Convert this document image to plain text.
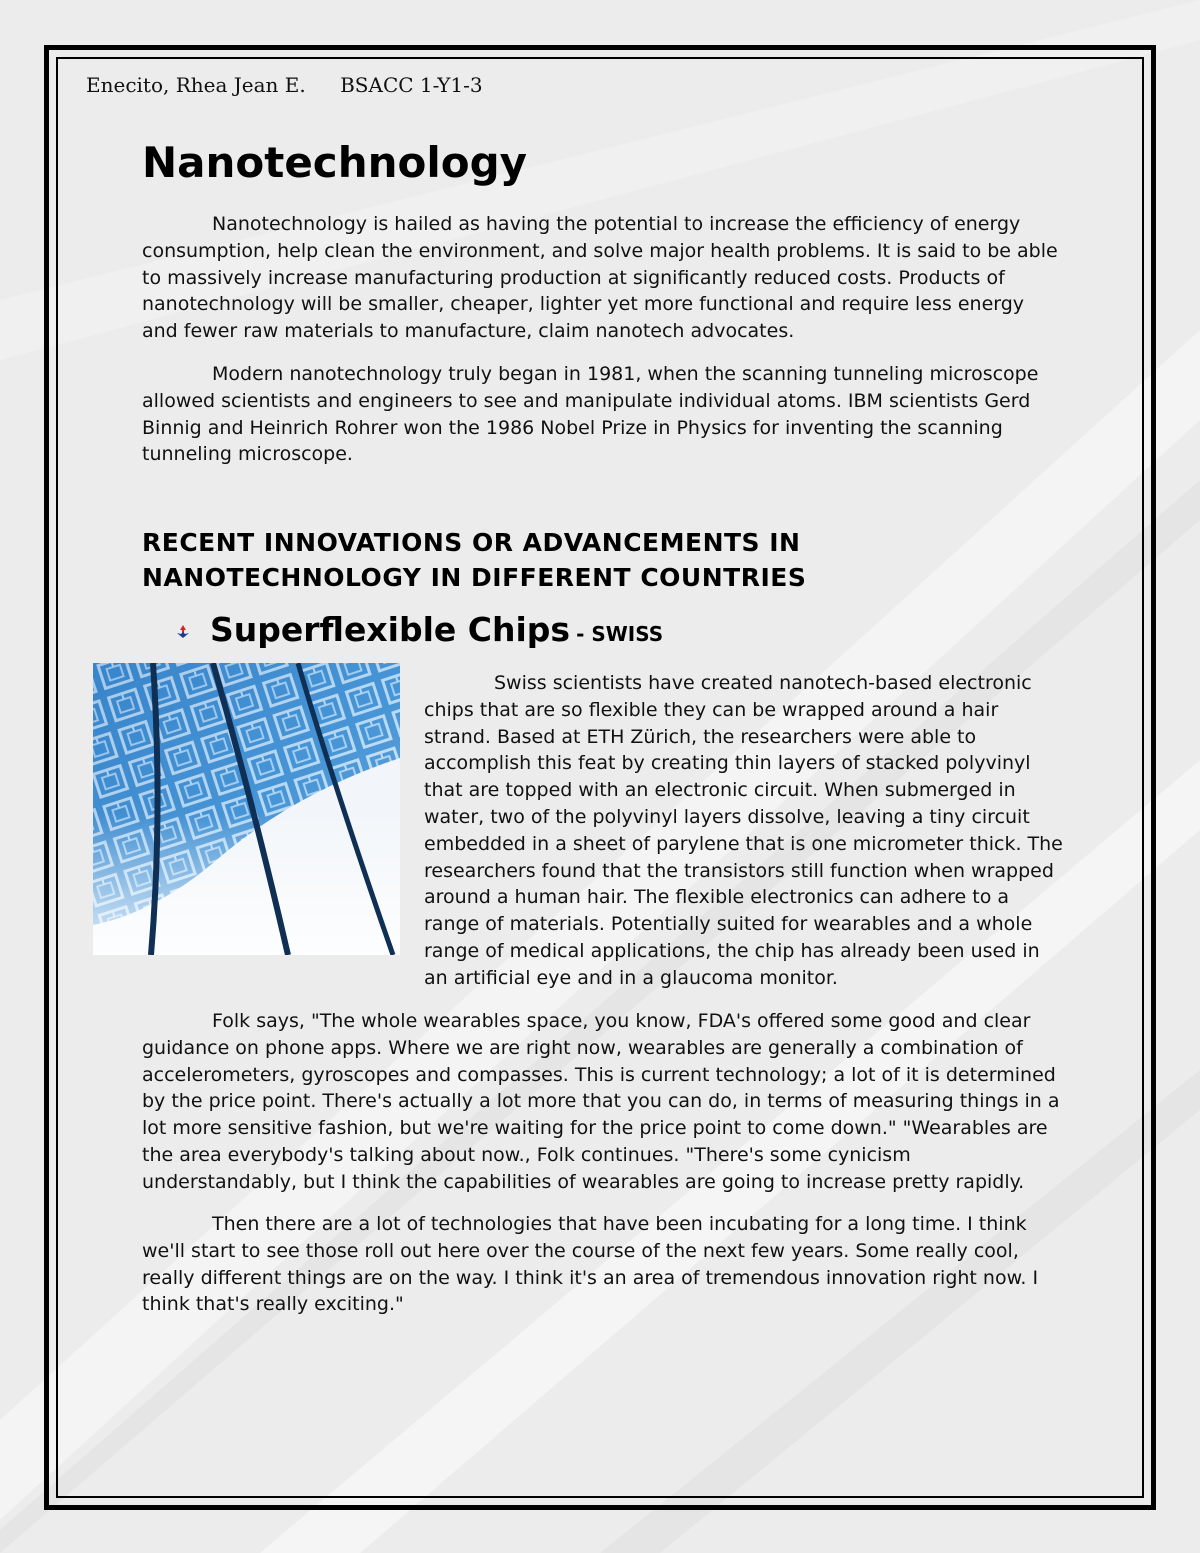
Enecito, Rhea Jean E. BSACC 1-Y1-3
Nanotechnology

Nanotechnology is hailed as having the potential to increase the efficiency of energy consumption, help clean the environment, and solve major health problems. It is said to be able to massively increase manufacturing production at significantly reduced costs. Products of nanotechnology will be smaller, cheaper, lighter yet more functional and require less energy and fewer raw materials to manufacture, claim nanotech advocates.

Modern nanotechnology truly began in 1981, when the scanning tunneling microscope allowed scientists and engineers to see and manipulate individual atoms. IBM scientists Gerd Binnig and Heinrich Rohrer won the 1986 Nobel Prize in Physics for inventing the scanning tunneling microscope.

RECENT INNOVATIONS OR ADVANCEMENTS IN
NANOTECHNOLOGY IN DIFFERENT COUNTRIES
Superflexible Chips - SWISS

Swiss scientists have created nanotech-based electronic chips that are so flexible they can be wrapped around a hair strand. Based at ETH Zürich, the researchers were able to accomplish this feat by creating thin layers of stacked polyvinyl that are topped with an electronic circuit. When submerged in water, two of the polyvinyl layers dissolve, leaving a tiny circuit embedded in a sheet of parylene that is one micrometer thick. The researchers found that the transistors still function when wrapped around a human hair. The flexible electronics can adhere to a range of materials. Potentially suited for wearables and a whole range of medical applications, the chip has already been used in an artificial eye and in a glaucoma monitor.

Folk says, "The whole wearables space, you know, FDA's offered some good and clear guidance on phone apps. Where we are right now, wearables are generally a combination of accelerometers, gyroscopes and compasses. This is current technology; a lot of it is determined by the price point. There's actually a lot more that you can do, in terms of measuring things in a lot more sensitive fashion, but we're waiting for the price point to come down." "Wearables are the area everybody's talking about now., Folk continues. "There's some cynicism understandably, but I think the capabilities of wearables are going to increase pretty rapidly.

Then there are a lot of technologies that have been incubating for a long time. I think we'll start to see those roll out here over the course of the next few years. Some really cool, really different things are on the way. I think it's an area of tremendous innovation right now. I think that's really exciting."
